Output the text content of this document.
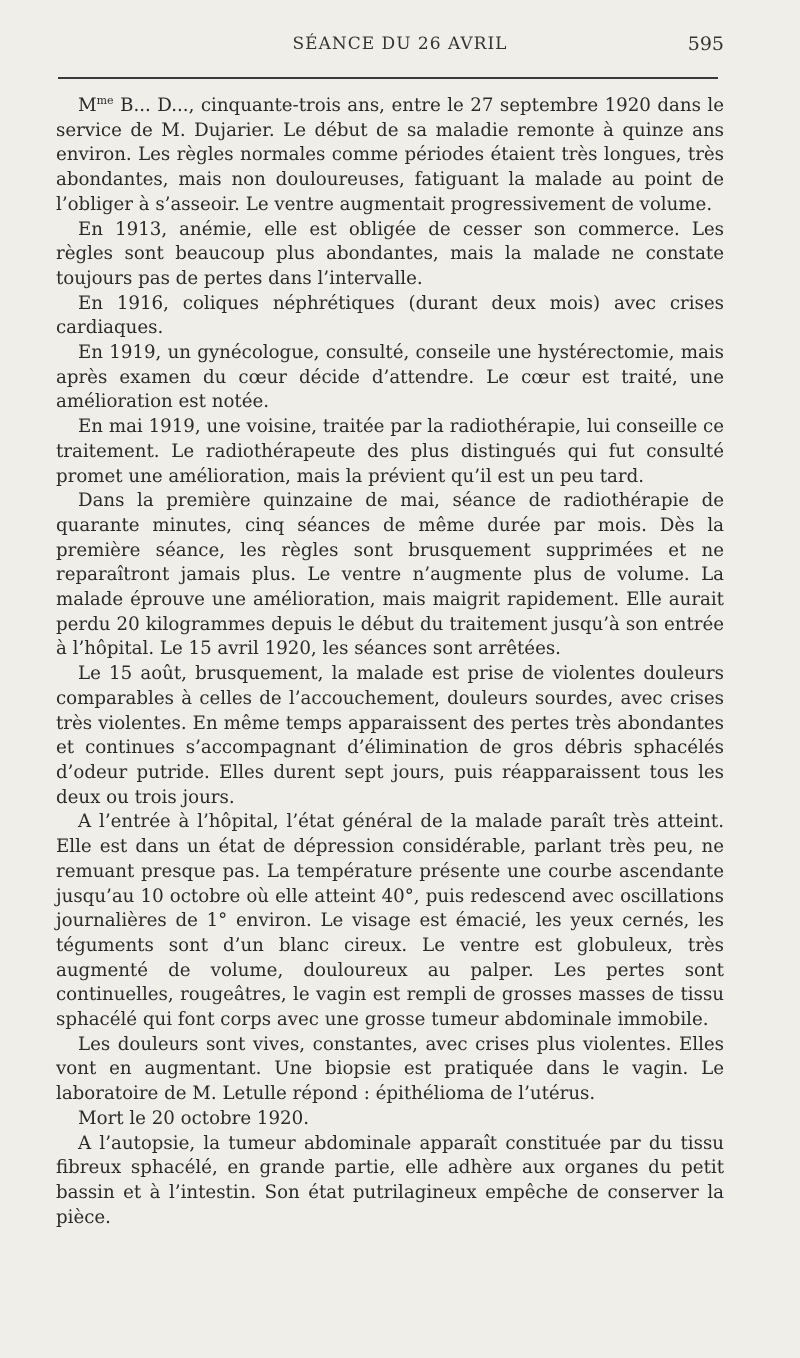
SÉANCE DU 26 AVRIL	595

$M^{me}$ B... D..., cinquante-trois ans, entre le 27 septembre 1920 dans le service de M. Dujarier. Le début de sa maladie remonte à quinze ans environ. Les règles normales comme périodes étaient très longues, très abondantes, mais non douloureuses, fatiguant la malade au point de l’obliger à s’asseoir. Le ventre augmentait progressivement de volume.

En 1913, anémie, elle est obligée de cesser son commerce. Les règles sont beaucoup plus abondantes, mais la malade ne constate toujours pas de pertes dans l’intervalle.

En 1916, coliques néphrétiques (durant deux mois) avec crises cardiaques.

En 1919, un gynécologue, consulté, conseile une hystérectomie, mais après examen du cœur décide d’attendre. Le cœur est traité, une amélioration est notée.

En mai 1919, une voisine, traitée par la radiothérapie, lui conseille ce traitement. Le radiothérapeute des plus distingués qui fut consulté promet une amélioration, mais la prévient qu’il est un peu tard.

Dans la première quinzaine de mai, séance de radiothérapie de quarante minutes, cinq séances de même durée par mois. Dès la première séance, les règles sont brusquement supprimées et ne reparaîtront jamais plus. Le ventre n’augmente plus de volume. La malade éprouve une amélioration, mais maigrit rapidement. Elle aurait perdu 20 kilogrammes depuis le début du traitement jusqu’à son entrée à l’hôpital. Le 15 avril 1920, les séances sont arrêtées.

Le 15 août, brusquement, la malade est prise de violentes douleurs comparables à celles de l’accouchement, douleurs sourdes, avec crises très violentes. En même temps apparaissent des pertes très abondantes et continues s’accompagnant d’élimination de gros débris sphacélés d’odeur putride. Elles durent sept jours, puis réapparaissent tous les deux ou trois jours.

A l’entrée à l’hôpital, l’état général de la malade paraît très atteint. Elle est dans un état de dépression considérable, parlant très peu, ne remuant presque pas. La température présente une courbe ascendante jusqu’au 10 octobre où elle atteint 40°, puis redescend avec oscillations journalières de 1° environ. Le visage est émacié, les yeux cernés, les téguments sont d’un blanc cireux. Le ventre est globuleux, très augmenté de volume, douloureux au palper. Les pertes sont continuelles, rougeâtres, le vagin est rempli de grosses masses de tissu sphacélé qui font corps avec une grosse tumeur abdominale immobile.

Les douleurs sont vives, constantes, avec crises plus violentes. Elles vont en augmentant. Une biopsie est pratiquée dans le vagin. Le laboratoire de M. Letulle répond : épithélioma de l’utérus.

Mort le 20 octobre 1920.

A l’autopsie, la tumeur abdominale apparaît constituée par du tissu fibreux sphacélé, en grande partie, elle adhère aux organes du petit bassin et à l’intestin. Son état putrilagineux empêche de conserver la pièce.
